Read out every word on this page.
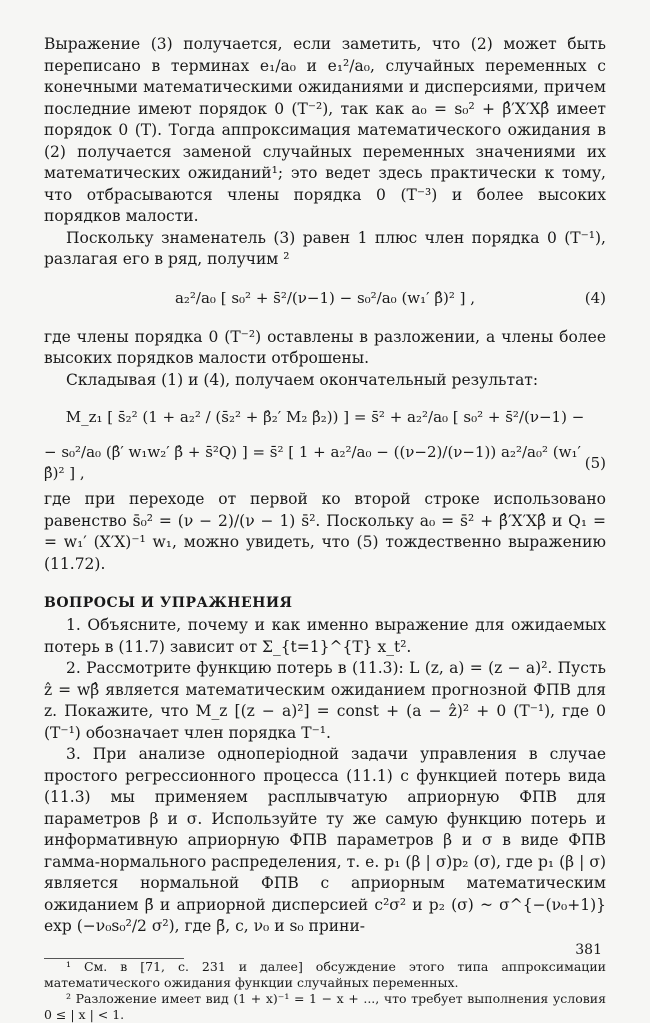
Выражение (3) получается, если заметить, что (2) может быть переписано в терминах e₁/a₀ и e₁²/a₀, случайных переменных с конечными математическими ожиданиями и дисперсиями, причем последние имеют порядок 0 (T⁻²), так как a₀ = s₀² + β̂′X′Xβ̂ имеет порядок 0 (T). Тогда аппроксимация математического ожидания в (2) получается заменой случайных переменных значениями их математических ожиданий¹; это ведет здесь практически к тому, что отбрасываются члены порядка 0 (T⁻³) и более высоких порядков малости.

Поскольку знаменатель (3) равен 1 плюс член порядка 0 (T⁻¹), разлагая его в ряд, получим ²

a₂²/a₀ [ s₀² + s̄²/(ν−1) − s₀²/a₀ (w₁′ β̂)² ] ,	(4)

где члены порядка 0 (T⁻²) оставлены в разложении, а члены более высоких порядков малости отброшены.

Складывая (1) и (4), получаем окончательный результат:

M_z₁ [ s̄₂² (1 + a₂² / (s̄₂² + β̂₂′ M₂ β̂₂)) ] = s̄² + a₂²/a₀ [ s₀² + s̄²/(ν−1) −
− s₀²/a₀ (β̂′ w₁w₂′ β̂ + s̄²Q) ] = s̄² [ 1 + a₂²/a₀ − ((ν−2)/(ν−1)) a₂²/a₀² (w₁′ β̂)² ] ,
(5)

где при переходе от первой ко второй строке использовано равенство s̄₀² = (ν − 2)/(ν − 1) s̄². Поскольку a₀ = s̄² + β̂′X′Xβ̂ и Q₁ = = w₁′ (X′X)⁻¹ w₁, можно увидеть, что (5) тождественно выражению (11.72).

ВОПРОСЫ И УПРАЖНЕНИЯ

1. Объясните, почему и как именно выражение для ожидаемых потерь в (11.7) зависит от Σ_{t=1}^{T} x_t².

2. Рассмотрите функцию потерь в (11.3): L (z, a) = (z − a)². Пусть ẑ = wβ̂ является математическим ожиданием прогнозной ФПВ для z. Покажите, что M_z [(z − a)²] = const + (a − ẑ)² + 0 (T⁻¹), где 0 (T⁻¹) обозначает член порядка T⁻¹.

3. При анализе одноперіодной задачи управления в случае простого регрессионного процесса (11.1) с функцией потерь вида (11.3) мы применяем расплывчатую априорную ФПВ для параметров β и σ. Используйте ту же самую функцию потерь и информативную априорную ФПВ параметров β и σ в виде ФПВ гамма-нормального распределения, т. е. p₁ (β | σ)p₂ (σ), где p₁ (β | σ) является нормальной ФПВ с априорным математическим ожиданием β̄ и априорной дисперсией c²σ² и p₂ (σ) ~ σ^{−(ν₀+1)} exp (−ν₀s₀²/2 σ²), где β̄, c, ν₀ и s₀ прини-

¹ См. в [71, с. 231 и далее] обсуждение этого типа аппроксимации математического ожидания функции случайных переменных.

² Разложение имеет вид (1 + x)⁻¹ = 1 − x + ..., что требует выполнения условия 0 ≤ | x | < 1.

381
